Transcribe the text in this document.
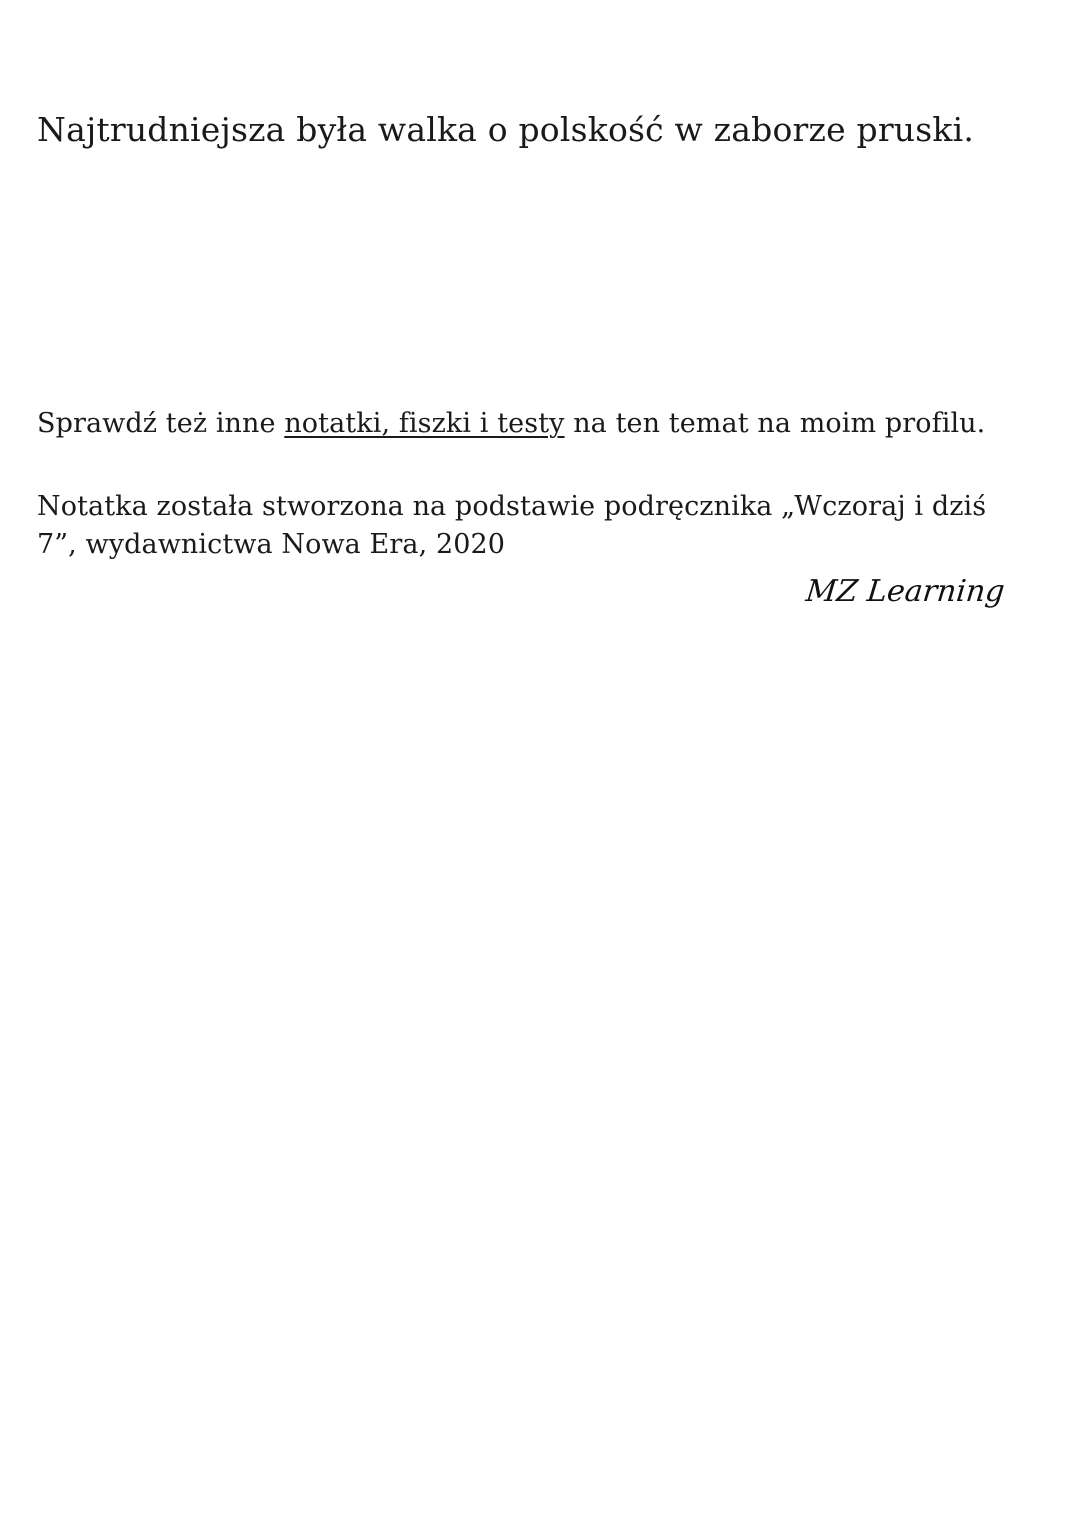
Najtrudniejsza była walka o polskość w zaborze pruski.

Sprawdź też inne notatki, fiszki i testy na ten temat na moim profilu.

Notatka została stworzona na podstawie podręcznika „Wczoraj i dziś
7”, wydawnictwa Nowa Era, 2020

MZ Learning
